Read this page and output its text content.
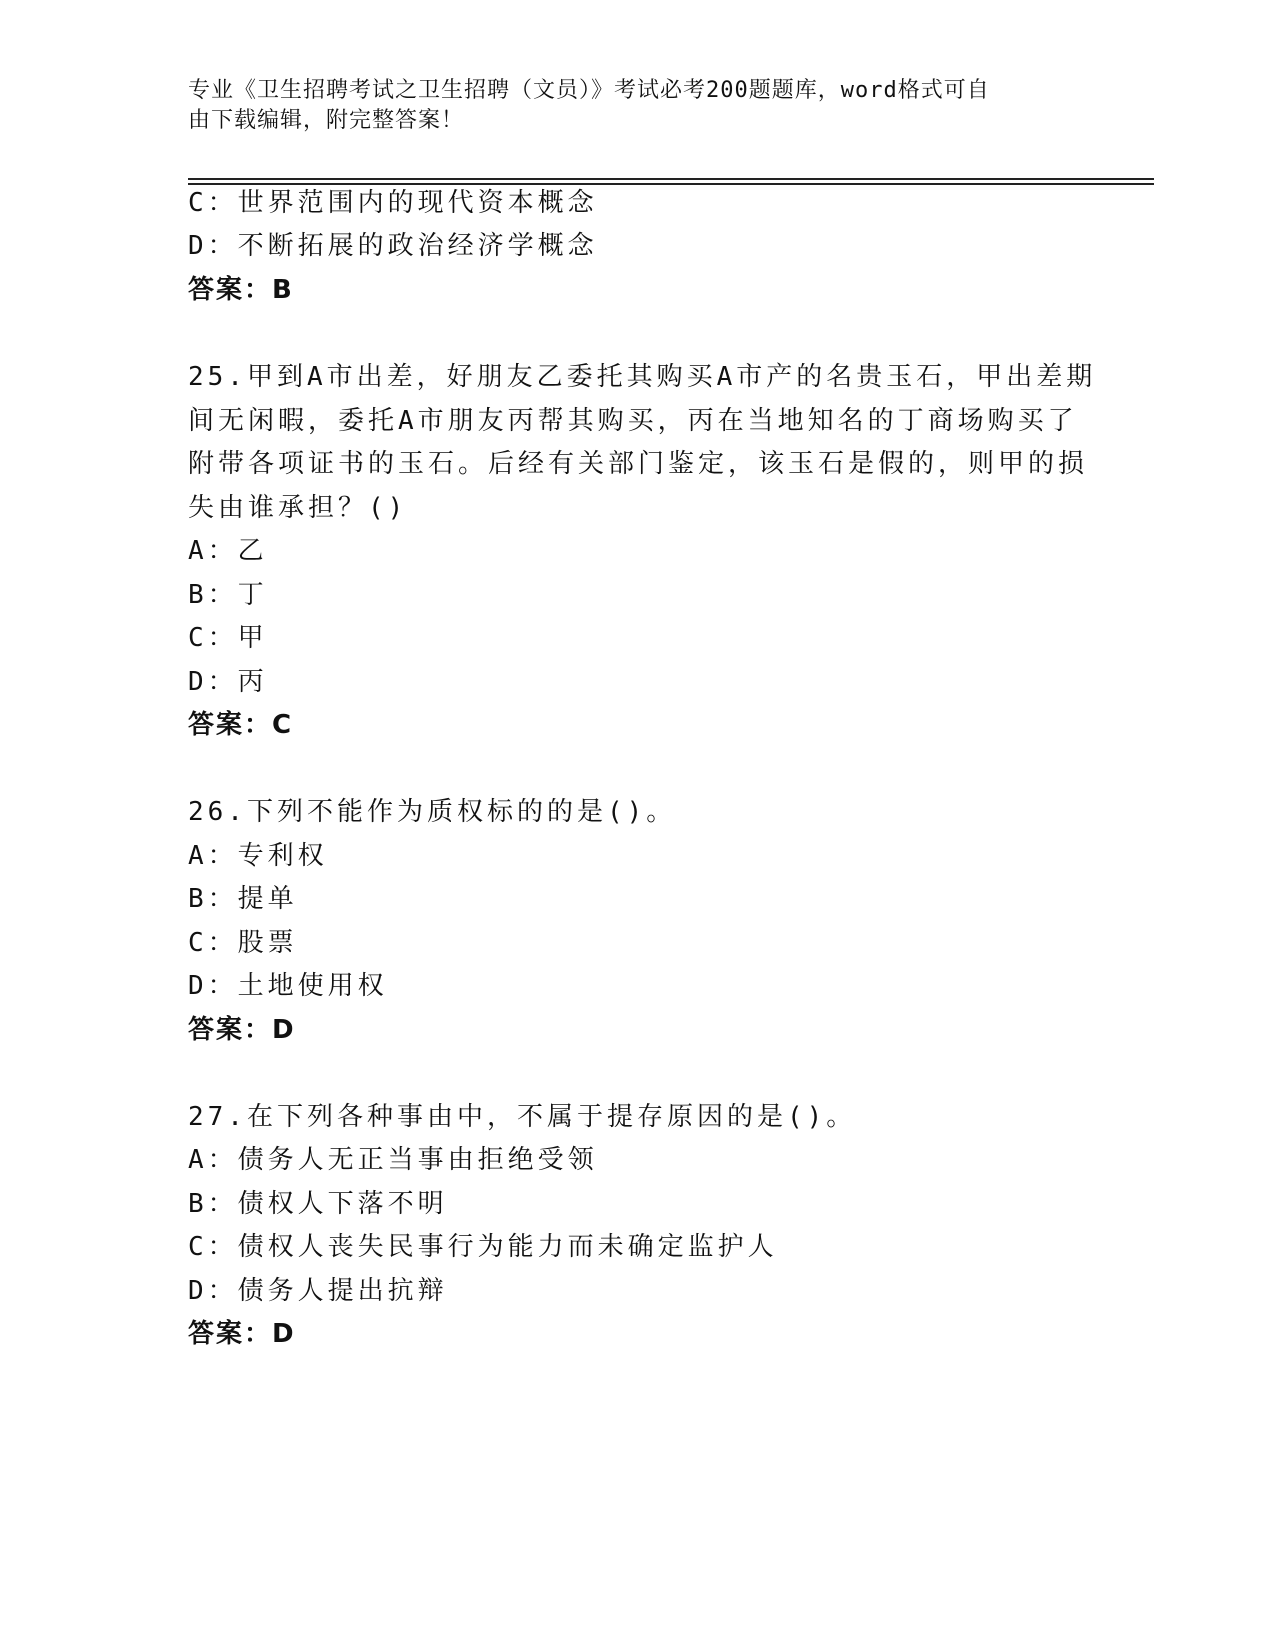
专业《卫生招聘考试之卫生招聘（文员）》考试必考200题题库，word格式可自
由下载编辑，附完整答案！
C：世界范围内的现代资本概念
D：不断拓展的政治经济学概念
答案：B
25.甲到A市出差，好朋友乙委托其购买A市产的名贵玉石，甲出差期
间无闲暇，委托A市朋友丙帮其购买，丙在当地知名的丁商场购买了
附带各项证书的玉石。后经有关部门鉴定，该玉石是假的，则甲的损
失由谁承担？()
A：乙
B：丁
C：甲
D：丙
答案：C
26.下列不能作为质权标的的是()。
A：专利权
B：提单
C：股票
D：土地使用权
答案：D
27.在下列各种事由中，不属于提存原因的是()。
A：债务人无正当事由拒绝受领
B：债权人下落不明
C：债权人丧失民事行为能力而未确定监护人
D：债务人提出抗辩
答案：D
